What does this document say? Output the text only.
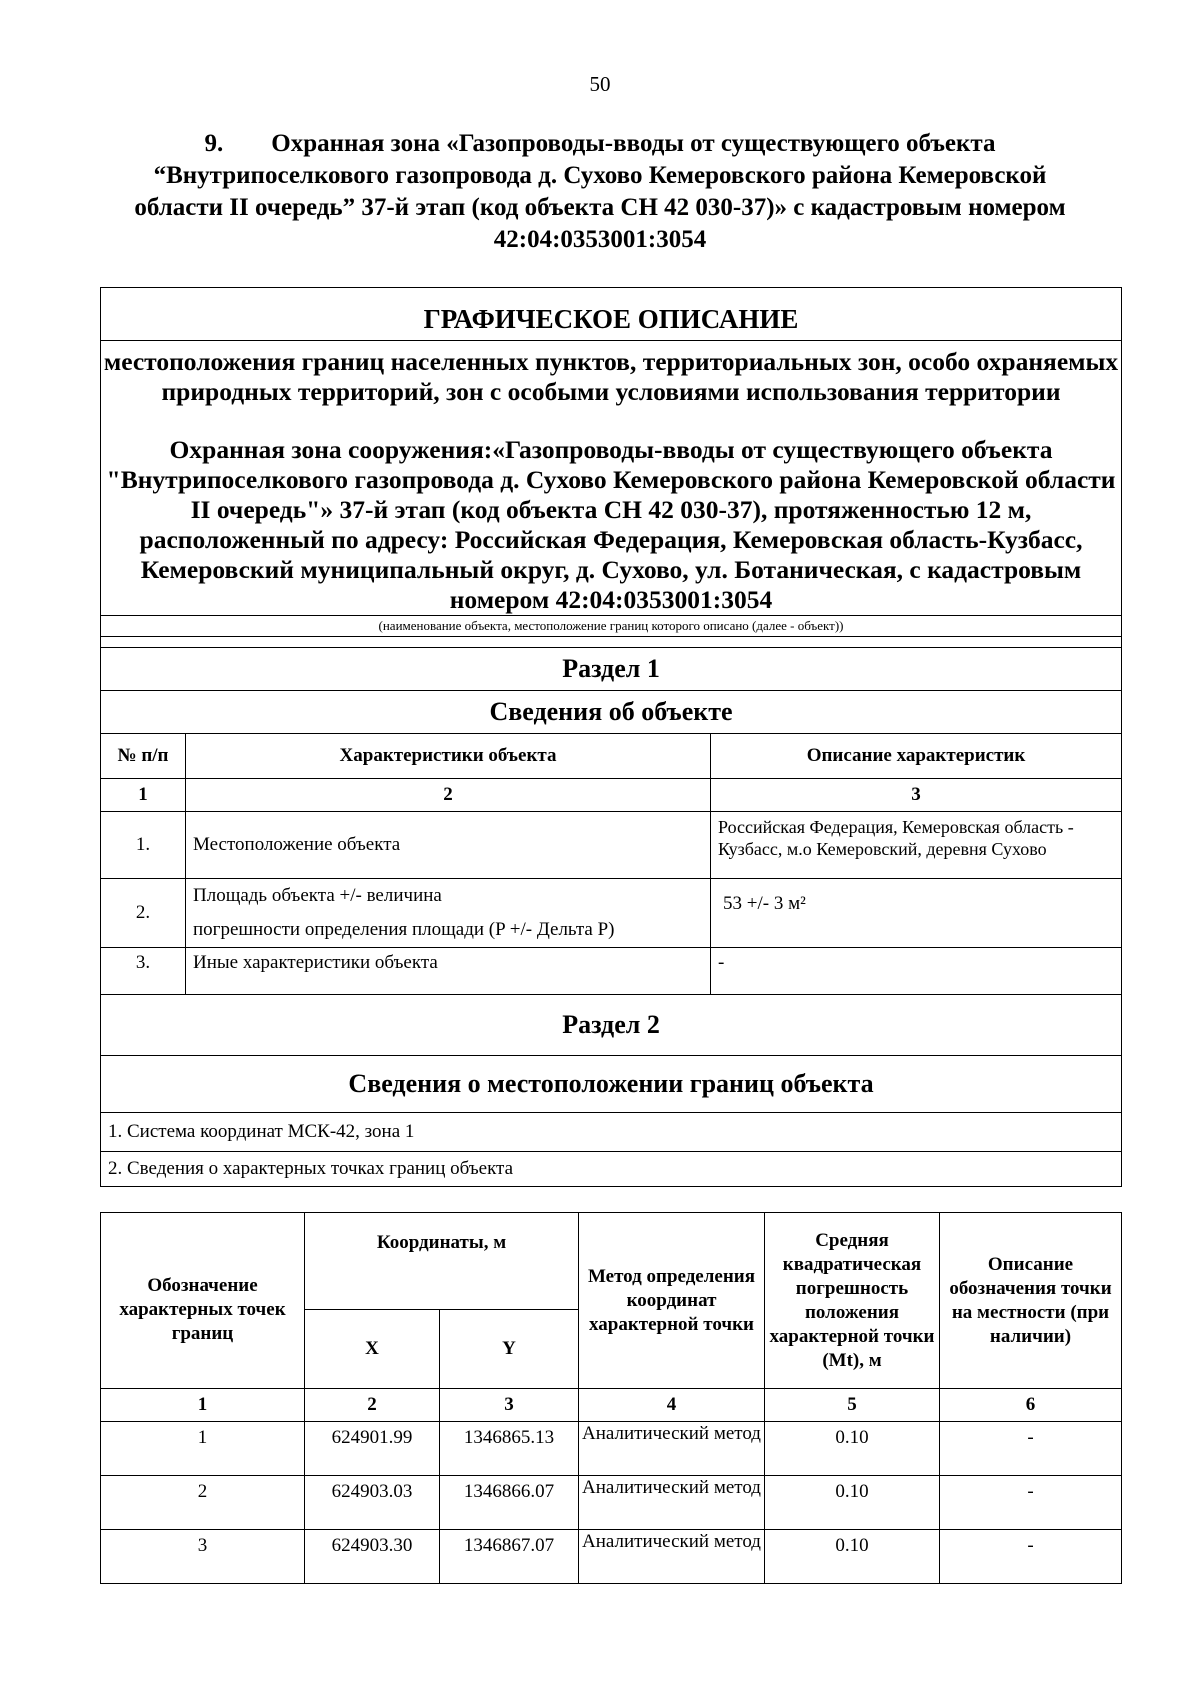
50
9. Охранная зона «Газопроводы-вводы от существующего объекта “Внутрипоселкового газопровода д. Сухово Кемеровского района Кемеровской области II очередь” 37-й этап (код объекта СН 42 030-37)» с кадастровым номером 42:04:0353001:3054
ГРАФИЧЕСКОЕ ОПИСАНИЕ		

местоположения границ населенных пунктов, территориальных зон, особо охраняемых природных территорий, зон с особыми условиями использования территории
Охранная зона сооружения:«Газопроводы-вводы от существующего объекта "Внутрипоселкового газопровода д. Сухово Кемеровского района Кемеровской области II очередь"» 37-й этап (код объекта СН 42 030-37), протяженностью 12 м, расположенный по адресу: Российская Федерация, Кемеровская область-Кузбасс, Кемеровский муниципальный округ, д. Сухово, ул. Ботаническая, с кадастровым номером 42:04:0353001:3054		

(наименование объекта, местоположение границ которого описано (далее - объект))		

Раздел 1		
Сведения об объекте		
№ п/п	Характеристики объекта	Описание характеристик
1	2	3
1.	Местоположение объекта	Российская Федерация, Кемеровская область - Кузбасс, м.о Кемеровский, деревня Сухово
2.	Площадь объекта +/- величина
погрешности определения площади (P +/- Дельта P)	53 +/- 3 м²
3.	Иные характеристики объекта	-
Раздел 2		
Сведения о местоположении границ объекта		
1. Система координат МСК-42, зона 1		
2. Сведения о характерных точках границ объекта		
Обозначение характерных точек границ	Координаты, м		Метод определения координат характерной точки	Средняя квадратическая погрешность положения характерной точки (Мt), м	Описание обозначения точки на местности (при наличии)
	X	Y			
1	2	3	4	5	6
1	624901.99	1346865.13	Аналитический метод	0.10	-
2	624903.03	1346866.07	Аналитический метод	0.10	-
3	624903.30	1346867.07	Аналитический метод	0.10	-
